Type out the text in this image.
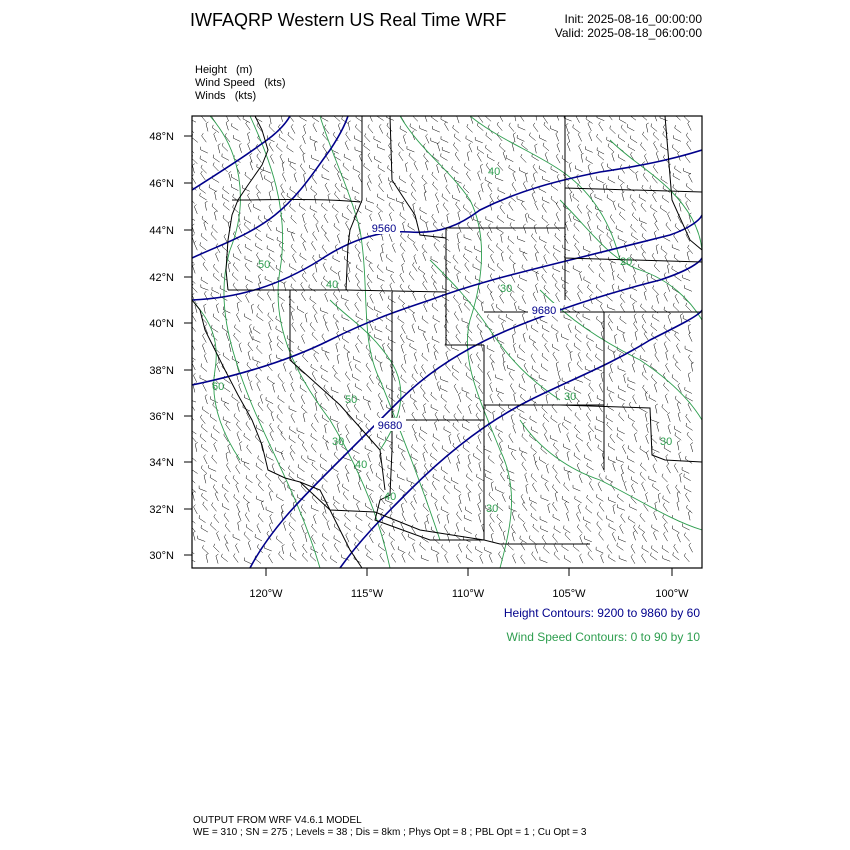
IWFAQRP Western US Real Time WRF	Init: 2025-08-16_00:00:00
Valid: 2025-08-18_06:00:00
Height (m)
Wind Speed (kts)
Winds (kts)
48°N
46°N
44°N
42°N
40°N
38°N
36°N
34°N
32°N
30°N
120°W	115°W	110°W	105°W	100°W
9560
9680
9680
50
40
50
60
30
40
40
40
30
30
20
30
30
Height Contours: 9200 to 9860 by 60
Wind Speed Contours: 0 to 90 by 10
OUTPUT FROM WRF V4.6.1 MODEL
WE = 310 ; SN = 275 ; Levels = 38 ; Dis = 8km ; Phys Opt = 8 ; PBL Opt = 1 ; Cu Opt = 3
